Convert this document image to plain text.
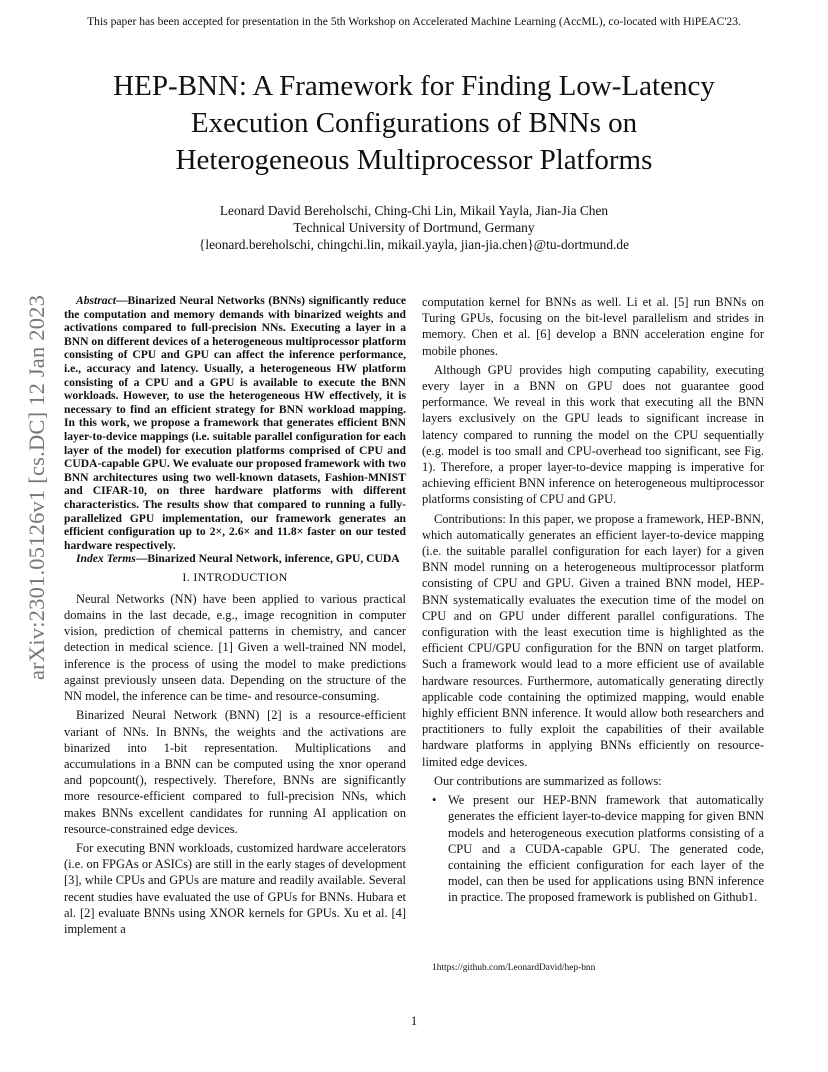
This paper has been accepted for presentation in the 5th Workshop on Accelerated Machine Learning (AccML), co-located with HiPEAC'23.
HEP-BNN: A Framework for Finding Low-Latency
Execution Configurations of BNNs on
Heterogeneous Multiprocessor Platforms
Leonard David Bereholschi, Ching-Chi Lin, Mikail Yayla, Jian-Jia Chen
Technical University of Dortmund, Germany
{leonard.bereholschi, chingchi.lin, mikail.yayla, jian-jia.chen}@tu-dortmund.de
arXiv:2301.05126v1 [cs.DC] 12 Jan 2023	Abstract—Binarized Neural Networks (BNNs) significantly reduce the computation and memory demands with binarized weights and activations compared to full-precision NNs. Executing a layer in a BNN on different devices of a heterogeneous multiprocessor platform consisting of CPU and GPU can affect the inference performance, i.e., accuracy and latency. Usually, a heterogeneous HW platform consisting of a CPU and a GPU is available to execute the BNN workloads. However, to use the heterogeneous HW effectively, it is necessary to find an efficient strategy for BNN workload mapping. In this work, we propose a framework that generates efficient BNN layer-to-device mappings (i.e. suitable parallel configuration for each layer of the model) for execution platforms comprised of CPU and CUDA-capable GPU. We evaluate our proposed framework with two BNN architectures using two well-known datasets, Fashion-MNIST and CIFAR-10, on three hardware platforms with different characteristics. The results show that compared to running a fully-parallelized GPU implementation, our framework generates an efficient configuration up to 2×, 2.6× and 11.8× faster on our tested hardware respectively.

Index Terms—Binarized Neural Network, inference, GPU, CUDA

I. INTRODUCTION

Neural Networks (NN) have been applied to various practical domains in the last decade, e.g., image recognition in computer vision, prediction of chemical patterns in chemistry, and cancer detection in medical science. [1] Given a well-trained NN model, inference is the process of using the model to make predictions against previously unseen data. Depending on the structure of the NN model, the inference can be time- and resource-consuming.

Binarized Neural Network (BNN) [2] is a resource-efficient variant of NNs. In BNNs, the weights and the activations are binarized into 1-bit representation. Multiplications and accumulations in a BNN can be computed using the xnor operand and popcount(), respectively. Therefore, BNNs are significantly more resource-efficient compared to full-precision NNs, which makes BNNs excellent candidates for running AI application on resource-constrained edge devices.

For executing BNN workloads, customized hardware accelerators (i.e. on FPGAs or ASICs) are still in the early stages of development [3], while CPUs and GPUs are mature and readily available. Several recent studies have evaluated the use of GPUs for BNNs. Hubara et al. [2] evaluate BNNs using XNOR kernels for GPUs. Xu et al. [4] implement a

computation kernel for BNNs as well. Li et al. [5] run BNNs on Turing GPUs, focusing on the bit-level parallelism and strides in memory. Chen et al. [6] develop a BNN acceleration engine for mobile phones.

Although GPU provides high computing capability, executing every layer in a BNN on GPU does not guarantee good performance. We reveal in this work that executing all the BNN layers exclusively on the GPU leads to significant increase in latency compared to running the model on the CPU sequentially (e.g. model is too small and CPU-overhead too significant, see Fig. 1). Therefore, a proper layer-to-device mapping is imperative for achieving efficient BNN inference on heterogeneous multiprocessor platforms consisting of CPU and GPU.

Contributions: In this paper, we propose a framework, HEP-BNN, which automatically generates an efficient layer-to-device mapping (i.e. the suitable parallel configuration for each layer) for a given BNN model running on a heterogeneous multiprocessor platform consisting of CPU and GPU. Given a trained BNN model, HEP-BNN systematically evaluates the execution time of the model on CPU and on GPU under different parallel configurations. The configuration with the least execution time is highlighted as the efficient CPU/GPU configuration for the BNN on target platform. Such a framework would lead to a more efficient use of available hardware resources. Furthermore, automatically generating directly applicable code containing the optimized mapping, would enable highly efficient BNN inference. It would allow both researchers and practitioners to fully exploit the capabilities of their available hardware platforms in applying BNNs efficiently on resource-limited edge devices.

Our contributions are summarized as follows:

• We present our HEP-BNN framework that automatically generates the efficient layer-to-device mapping for given BNN models and heterogeneous execution platforms consisting of a CPU and a CUDA-capable GPU. The generated code, containing the efficient configuration for each layer of the model, can then be used for applications using BNN inference in practice. The proposed framework is published on Github1.
1https://github.com/LeonardDavid/hep-bnn
1
